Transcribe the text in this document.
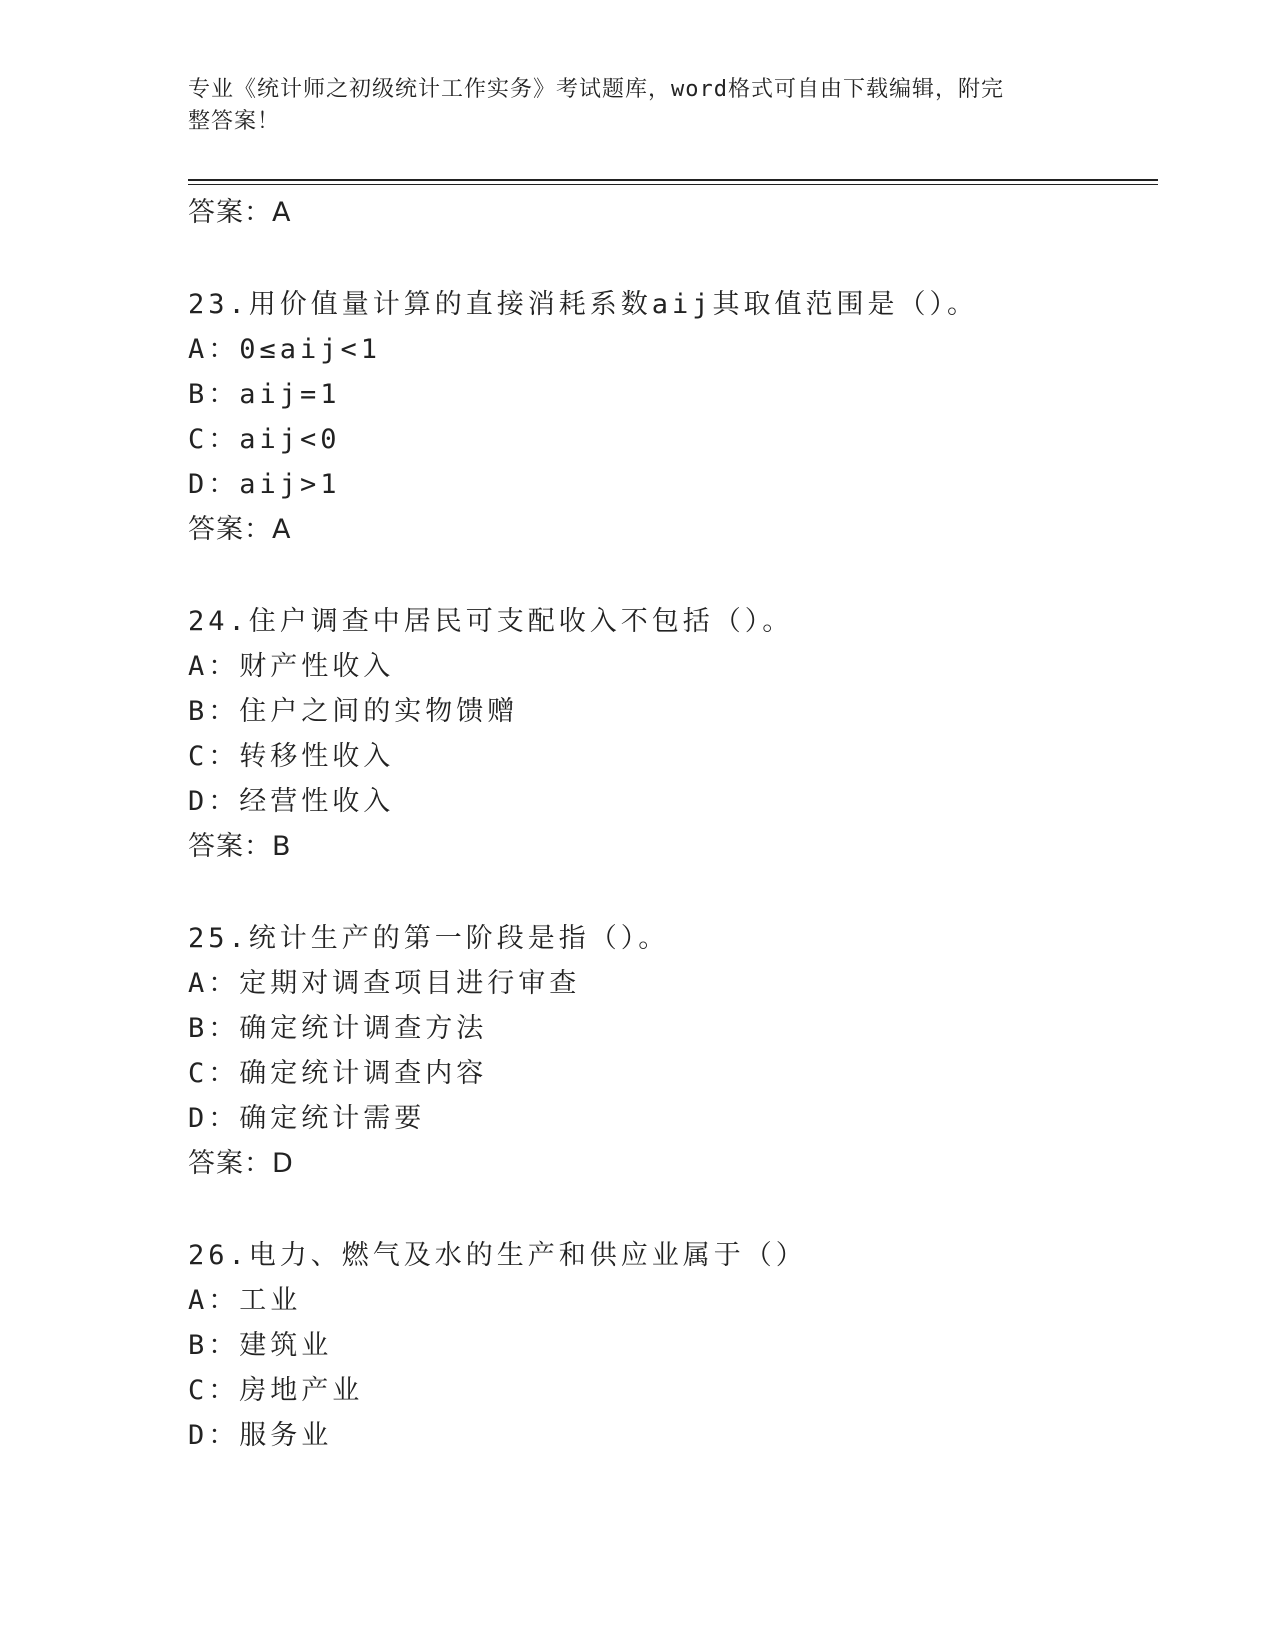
专业《统计师之初级统计工作实务》考试题库，word格式可自由下载编辑，附完
整答案！
答案：A
23.用价值量计算的直接消耗系数aij其取值范围是（）。
A：0≤aij<1
B：aij=1
C：aij<0
D：aij>1
答案：A
24.住户调查中居民可支配收入不包括（）。
A：财产性收入
B：住户之间的实物馈赠
C：转移性收入
D：经营性收入
答案：B
25.统计生产的第一阶段是指（）。
A：定期对调查项目进行审查
B：确定统计调查方法
C：确定统计调查内容
D：确定统计需要
答案：D
26.电力、燃气及水的生产和供应业属于（）
A：工业
B：建筑业
C：房地产业
D：服务业
